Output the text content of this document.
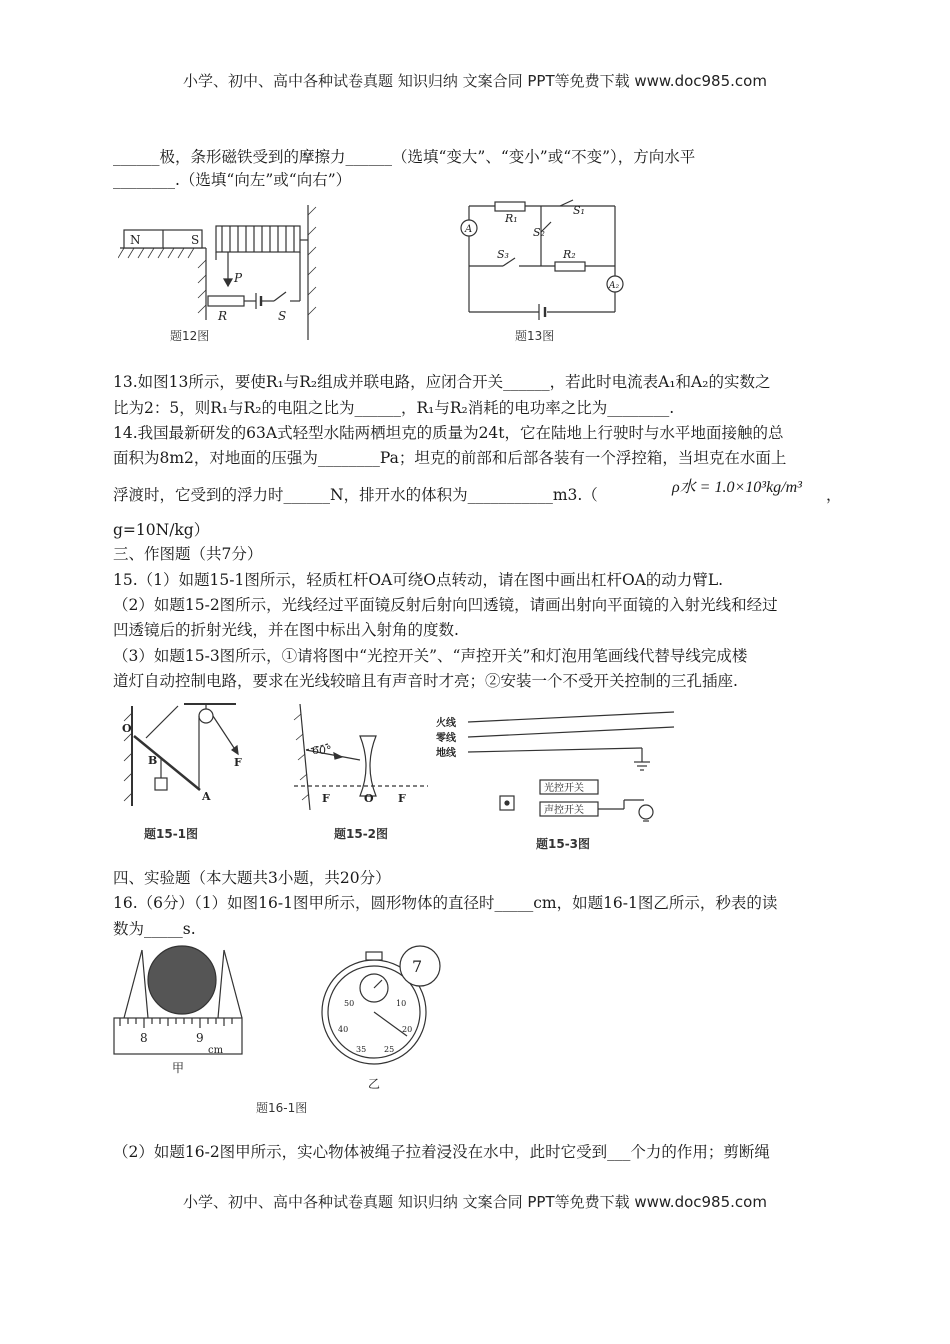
小学、初中、高中各种试卷真题 知识归纳 文案合同 PPT等免费下载 www.doc985.com
______极，条形磁铁受到的摩擦力______（选填“变大”、“变小”或“不变”），方向水平
________.（选填“向左”或“向右”）
N	S
P
R	S
题12图
A
R₁
S₁
S₂
S₃	R₂
A₂
题13图
13.如图13所示，要使R₁与R₂组成并联电路，应闭合开关______，若此时电流表A₁和A₂的实数之
比为2：5，则R₁与R₂的电阻之比为______，R₁与R₂消耗的电功率之比为________.
14.我国最新研发的63A式轻型水陆两栖坦克的质量为24t，它在陆地上行驶时与水平地面接触的总
面积为8m2，对地面的压强为________Pa；坦克的前部和后部各装有一个浮控箱，当坦克在水面上
浮渡时，它受到的浮力时______N，排开水的体积为___________m3.（	ρ水 = 1.0×10³kg/m³	，
g=10N/kg）
三、作图题（共7分）
15.（1）如题15-1图所示，轻质杠杆OA可绕O点转动，请在图中画出杠杆OA的动力臂L.
（2）如题15-2图所示，光线经过平面镜反射后射向凹透镜，请画出射向平面镜的入射光线和经过
凹透镜后的折射光线，并在图中标出入射角的度数.
（3）如题15-3图所示，①请将图中“光控开关”、“声控开关”和灯泡用笔画线代替导线完成楼
道灯自动控制电路，要求在光线较暗且有声音时才亮；②安装一个不受开关控制的三孔插座.
O
B
A
F
题15-1图
60°
F	O F
题15-2图
火线
零线
地线
光控开关
声控开关
题15-3图
四、实验题（本大题共3小题，共20分）
16.（6分）（1）如图16-1图甲所示，圆形物体的直径时_____cm，如题16-1图乙所示，秒表的读
数为_____s.
8	9
cm
甲
7
50	10
40	20
35 25
乙
题16-1图
（2）如题16-2图甲所示，实心物体被绳子拉着浸没在水中，此时它受到___个力的作用；剪断绳
小学、初中、高中各种试卷真题 知识归纳 文案合同 PPT等免费下载 www.doc985.com
